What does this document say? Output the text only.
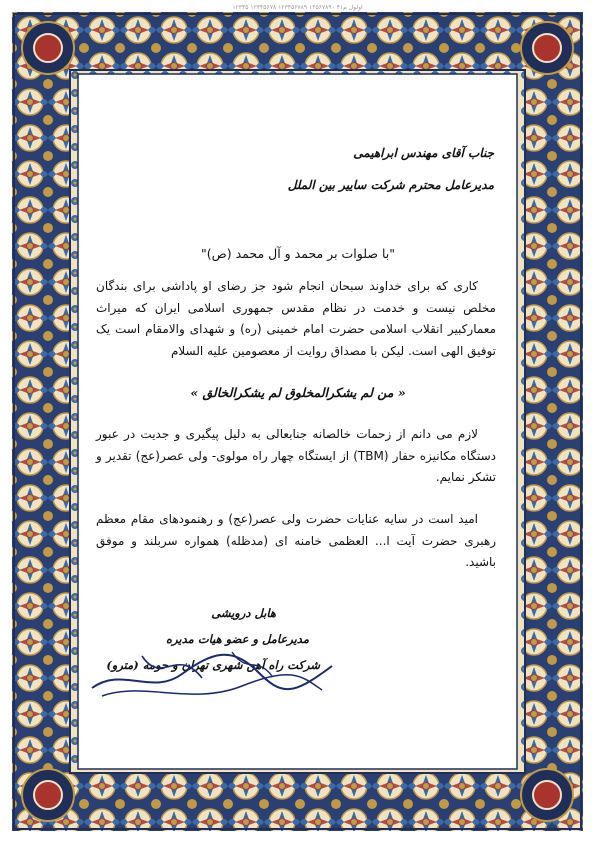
اولول م۴۱ ۱۴۵۶۷۸۹۰ ۱۲۳۴۵۶۷۸۹ ۱۲۳۴۵۶۷۸ ۱۲۳۴۵
جناب آقای مهندس ابراهیمی
مدیرعامل محترم شرکت ساییر بین الملل
"با صلوات بر محمد و آل محمد (ص)"
کاری که برای خداوند سبحان انجام شود جز رضای او پاداشی برای بندگان مخلص نیست و خدمت در نظام مقدس جمهوری اسلامی ایران که میراث معمارکبیر انقلاب اسلامی حضرت امام خمینی (ره) و شهدای والامقام است یک توفیق الهی است. لیکن با مصداق روایت از معصومین علیه السلام
« من لم یشکرالمخلوق لم یشکرالخالق »
لازم می دانم از زحمات خالصانه جنابعالی به دلیل پیگیری و جدیت در عبور دستگاه مکانیزه حفار (TBM) از ایستگاه چهار راه مولوی- ولی عصر(عج) تقدیر و تشکر نمایم.
امید است در سایه عنایات حضرت ولی عصر(عج) و رهنمودهای مقام معظم رهبری حضرت آیت ا... العظمی خامنه ای (مدظله) همواره سربلند و موفق باشید.
هابل درویشی
مدیرعامل و عضو هیات مدیره
شرکت راه آهن شهری تهران و حومه (مترو)
